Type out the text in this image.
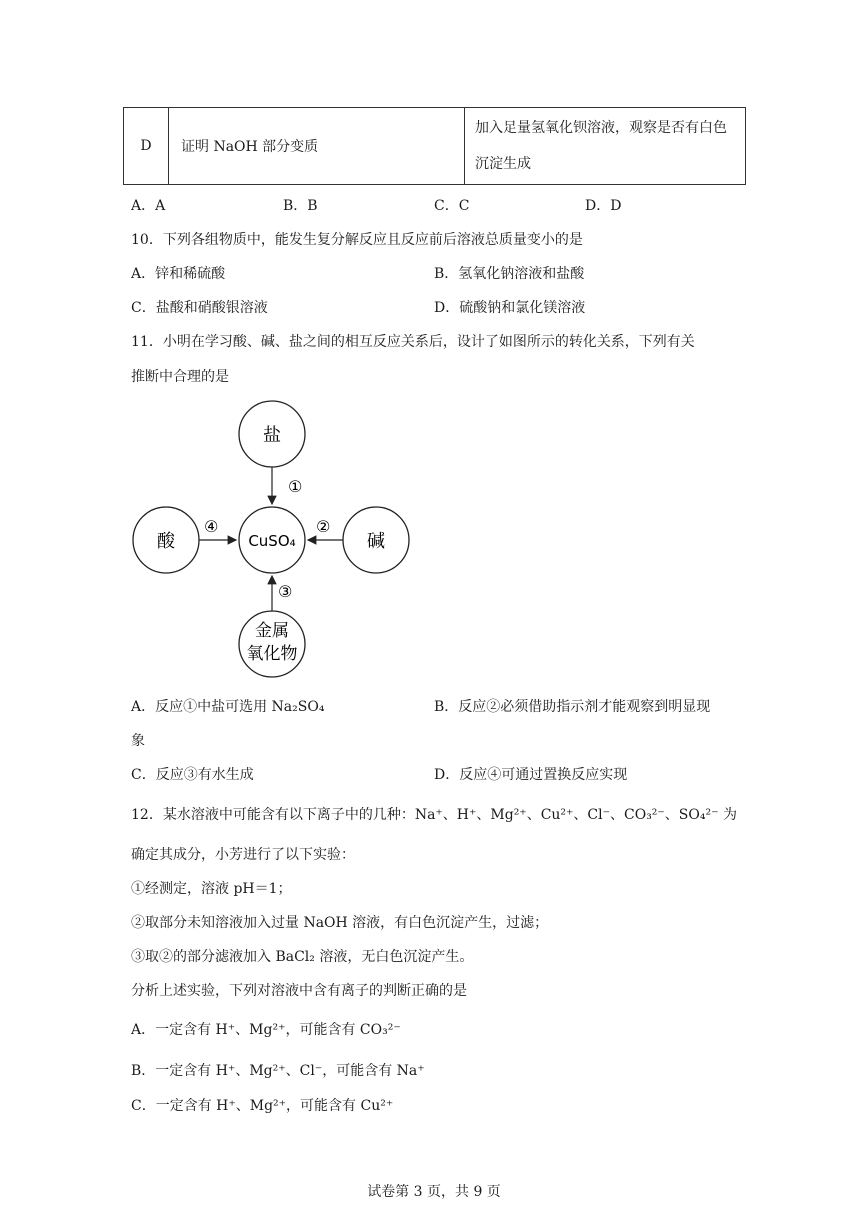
D	证明 NaOH 部分变质	
加入足量氢氧化钡溶液，观察是否有白色
沉淀生成
A．A	B．B	C．C	D．D
10．下列各组物质中，能发生复分解反应且反应前后溶液总质量变小的是
A．锌和稀硫酸	B．氢氧化钠溶液和盐酸
C．盐酸和硝酸银溶液	D．硫酸钠和氯化镁溶液
11．小明在学习酸、碱、盐之间的相互反应关系后，设计了如图所示的转化关系，下列有关
推断中合理的是
盐
酸	CuSO₄	碱
金属
氧化物
①
④	②
③
A．反应①中盐可选用 Na₂SO₄	B．反应②必须借助指示剂才能观察到明显现
象
C．反应③有水生成	D．反应④可通过置换反应实现
12．某水溶液中可能含有以下离子中的几种：Na⁺、H⁺、Mg²⁺、Cu²⁺、Cl⁻、CO₃²⁻、SO₄²⁻ 为
确定其成分，小芳进行了以下实验：
①经测定，溶液 pH＝1；
②取部分未知溶液加入过量 NaOH 溶液，有白色沉淀产生，过滤；
③取②的部分滤液加入 BaCl₂ 溶液，无白色沉淀产生。
分析上述实验，下列对溶液中含有离子的判断正确的是
A．一定含有 H⁺、Mg²⁺，可能含有 CO₃²⁻
B．一定含有 H⁺、Mg²⁺、Cl⁻，可能含有 Na⁺
C．一定含有 H⁺、Mg²⁺，可能含有 Cu²⁺
试卷第 3 页，共 9 页
